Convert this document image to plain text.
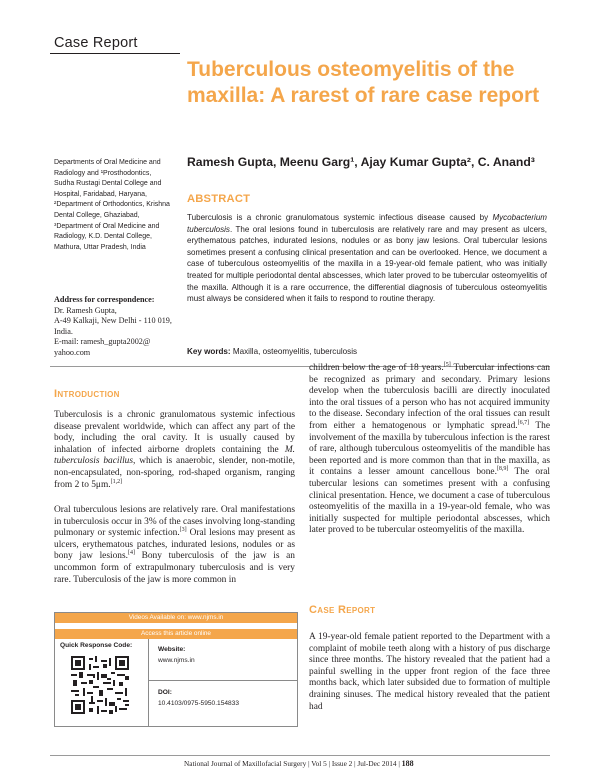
Case Report
Tuberculous osteomyelitis of the maxilla: A rarest of rare case report
Ramesh Gupta, Meenu Garg¹, Ajay Kumar Gupta², C. Anand³
Departments of Oral Medicine and
Radiology and ¹Prosthodontics,
Sudha Rustagi Dental College and
Hospital, Faridabad, Haryana,
²Department of Orthodontics, Krishna
Dental College, Ghaziabad,
³Department of Oral Medicine and
Radiology, K.D. Dental College,
Mathura, Uttar Pradesh, India
ABSTRACT
Tuberculosis is a chronic granulomatous systemic infectious disease caused by Mycobacterium tuberculosis. The oral lesions found in tuberculosis are relatively rare and may present as ulcers, erythematous patches, indurated lesions, nodules or as bony jaw lesions. Oral tubercular lesions sometimes present a confusing clinical presentation and can be overlooked. Hence, we document a case of tuberculous osteomyelitis of the maxilla in a 19-year-old female patient, who was initially treated for multiple periodontal dental abscesses, which later proved to be tubercular osteomyelitis of the maxilla. Although it is a rare occurrence, the differential diagnosis of tuberculous osteomyelitis must always be considered when it fails to respond to routine therapy.
Address for correspondence:
Dr. Ramesh Gupta,
A-49 Kalkaji, New Delhi - 110 019,
India.
E-mail: ramesh_gupta2002@
yahoo.com	Key words: Maxilla, osteomyelitis, tuberculosis
Introduction
Tuberculosis is a chronic granulomatous systemic infectious disease prevalent worldwide, which can affect any part of the body, including the oral cavity. It is usually caused by inhalation of infected airborne droplets containing the M. tuberculosis bacillus, which is anaerobic, slender, non-motile, non-encapsulated, non-sporing, rod-shaped organism, ranging from 2 to 5μm.[1,2]
Oral tuberculous lesions are relatively rare. Oral manifestations in tuberculosis occur in 3% of the cases involving long-standing pulmonary or systemic infection.[3] Oral lesions may present as ulcers, erythematous patches, indurated lesions, nodules or as bony jaw lesions.[4] Bony tuberculosis of the jaw is an uncommon form of extrapulmonary tuberculosis and is very rare. Tuberculosis of the jaw is more common in
Videos Available on: www.njms.in
Access this article online
Quick Response Code:
Website:
www.njms.in
DOI:
10.4103/0975-5950.154833
children below the age of 18 years.[5] Tubercular infections can be recognized as primary and secondary. Primary lesions develop when the tuberculosis bacilli are directly inoculated into the oral tissues of a person who has not acquired immunity to the disease. Secondary infection of the oral tissues can result from either a hematogenous or lymphatic spread.[6,7] The involvement of the maxilla by tuberculous infection is the rarest of rare, although tuberculous osteomyelitis of the mandible has been reported and is more common than that in the maxilla, as it contains a lesser amount cancellous bone.[8,9] The oral tubercular lesions can sometimes present with a confusing clinical presentation. Hence, we document a case of tuberculous osteomyelitis of the maxilla in a 19-year-old female, who was initially suspected for multiple periodontal abscesses, which later proved to be tubercular osteomyelitis of the maxilla.
Case Report
A 19-year-old female patient reported to the Department with a complaint of mobile teeth along with a history of pus discharge since three months. The history revealed that the patient had a painful swelling in the upper front region of the face three months back, which later subsided due to formation of multiple draining sinuses. The medical history revealed that the patient had
National Journal of Maxillofacial Surgery | Vol 5 | Issue 2 | Jul-Dec 2014 | 188
